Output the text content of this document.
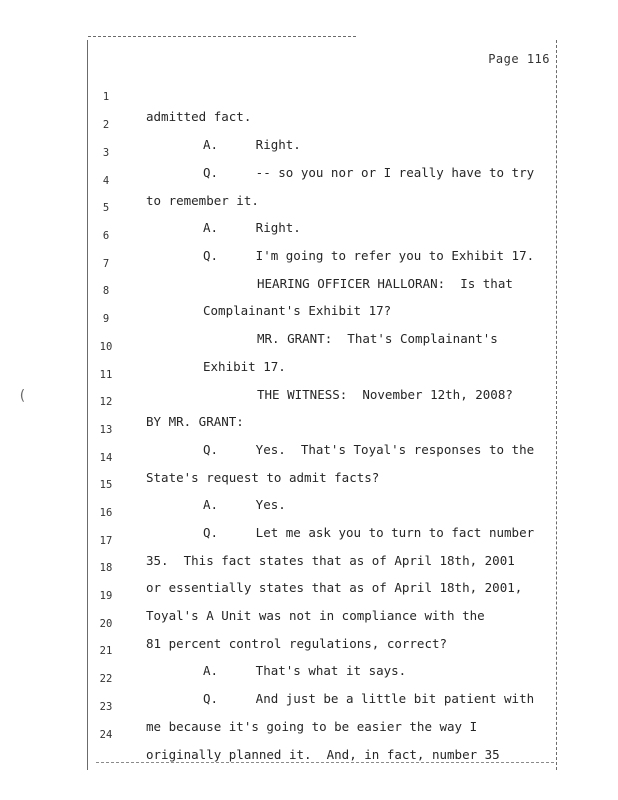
(
Page 116

1

admitted fact.

2

A.     Right.

3

Q.     -- so you nor or I really have to try

4

to remember it.

5

A.     Right.

6

Q.     I'm going to refer you to Exhibit 17.

7

HEARING OFFICER HALLORAN:  Is that

8

Complainant's Exhibit 17?

9

MR. GRANT:  That's Complainant's

10

Exhibit 17.

11

THE WITNESS:  November 12th, 2008?

12

BY MR. GRANT:

13

Q.     Yes.  That's Toyal's responses to the

14

State's request to admit facts?

15

A.     Yes.

16

Q.     Let me ask you to turn to fact number

17

35.  This fact states that as of April 18th, 2001

18

or essentially states that as of April 18th, 2001,

19

Toyal's A Unit was not in compliance with the

20

81 percent control regulations, correct?

21

A.     That's what it says.

22

Q.     And just be a little bit patient with

23

me because it's going to be easier the way I

24

originally planned it.  And, in fact, number 35
